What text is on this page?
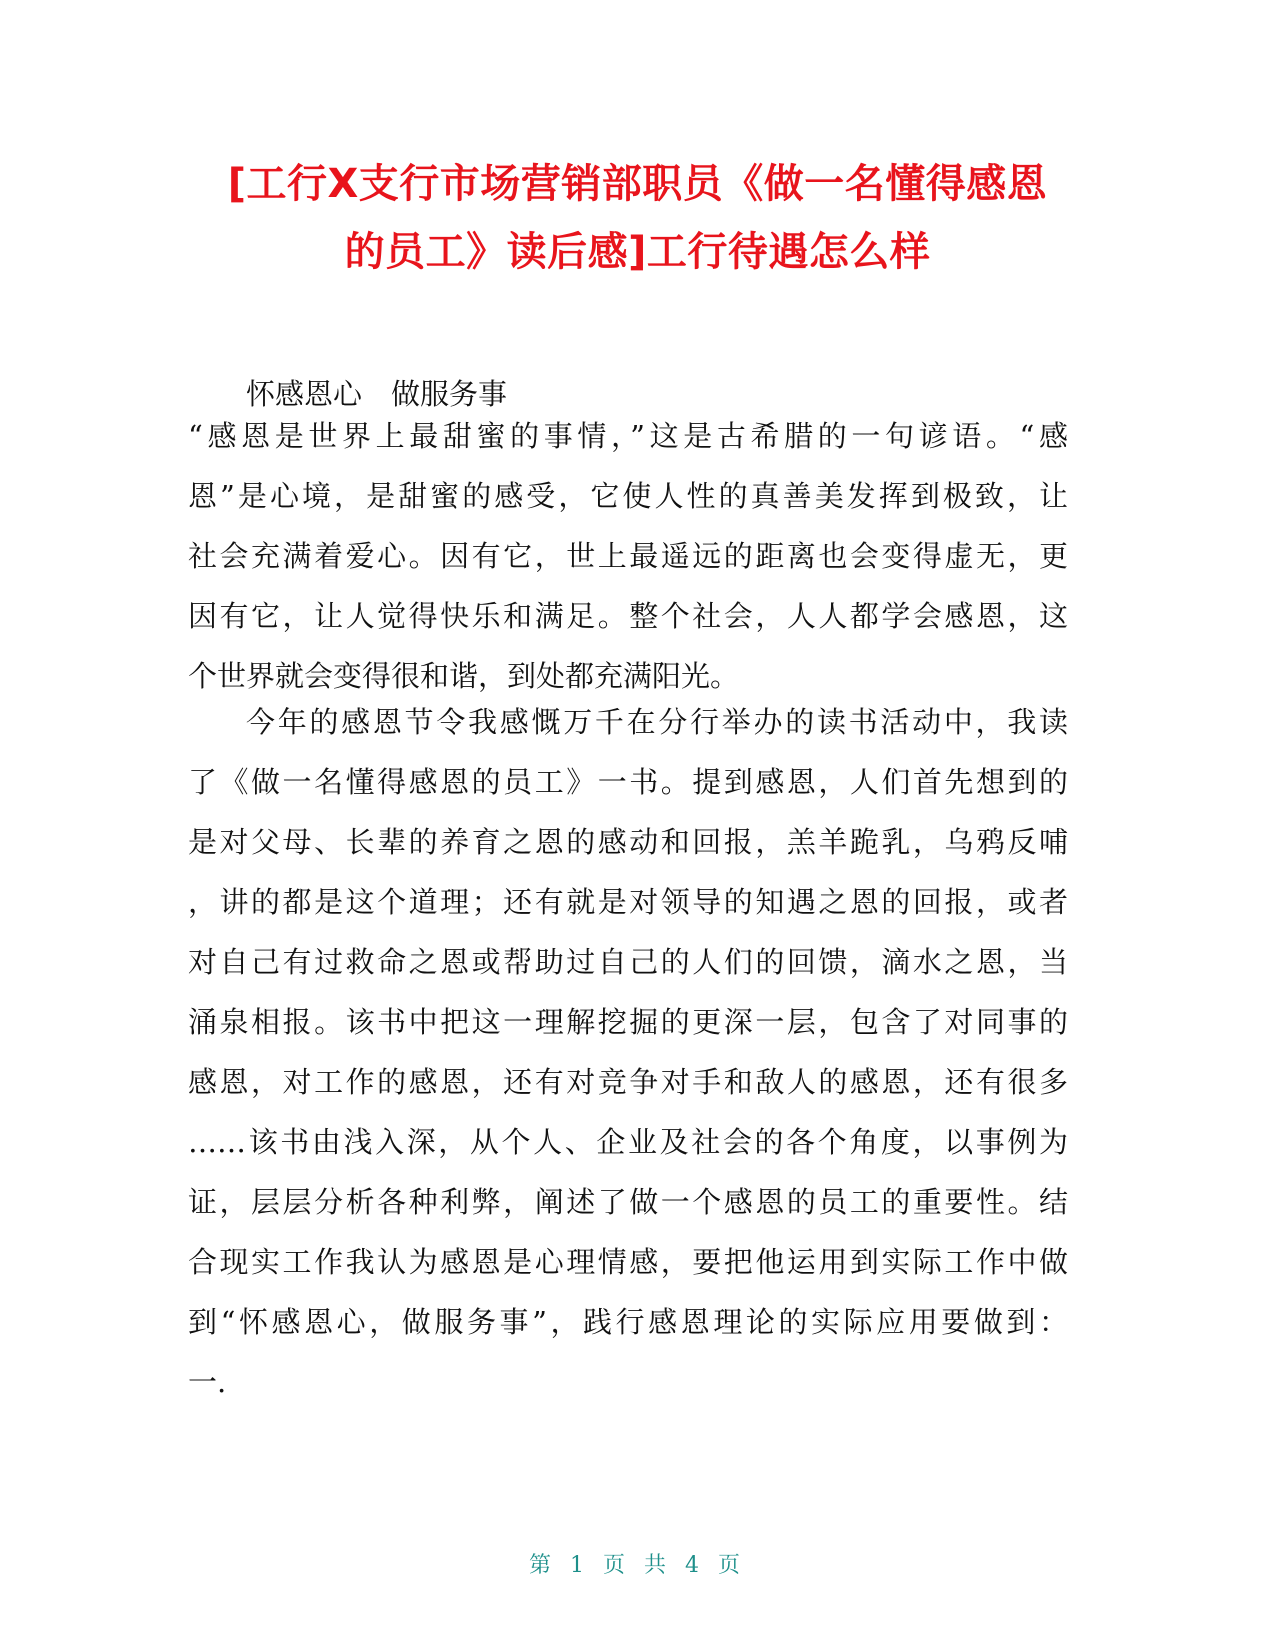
[工行X支行市场营销部职员《做一名懂得感恩
的员工》读后感]工行待遇怎么样

怀感恩心　做服务事

“感恩是世界上最甜蜜的事情，”这是古希腊的一句谚语。“感
恩”是心境，是甜蜜的感受，它使人性的真善美发挥到极致，让
社会充满着爱心。因有它，世上最遥远的距离也会变得虚无，更
因有它，让人觉得快乐和满足。整个社会，人人都学会感恩，这
个世界就会变得很和谐，到处都充满阳光。
今年的感恩节令我感慨万千在分行举办的读书活动中，我读
了《做一名懂得感恩的员工》一书。提到感恩，人们首先想到的
是对父母、长辈的养育之恩的感动和回报，羔羊跪乳，乌鸦反哺
，讲的都是这个道理；还有就是对领导的知遇之恩的回报，或者
对自己有过救命之恩或帮助过自己的人们的回馈，滴水之恩，当
涌泉相报。该书中把这一理解挖掘的更深一层，包含了对同事的
感恩，对工作的感恩，还有对竞争对手和敌人的感恩，还有很多
……该书由浅入深，从个人、企业及社会的各个角度，以事例为
证，层层分析各种利弊，阐述了做一个感恩的员工的重要性。结
合现实工作我认为感恩是心理情感，要把他运用到实际工作中做
到“怀感恩心，做服务事”，践行感恩理论的实际应用要做到：
一.
第 1 页 共 4 页
